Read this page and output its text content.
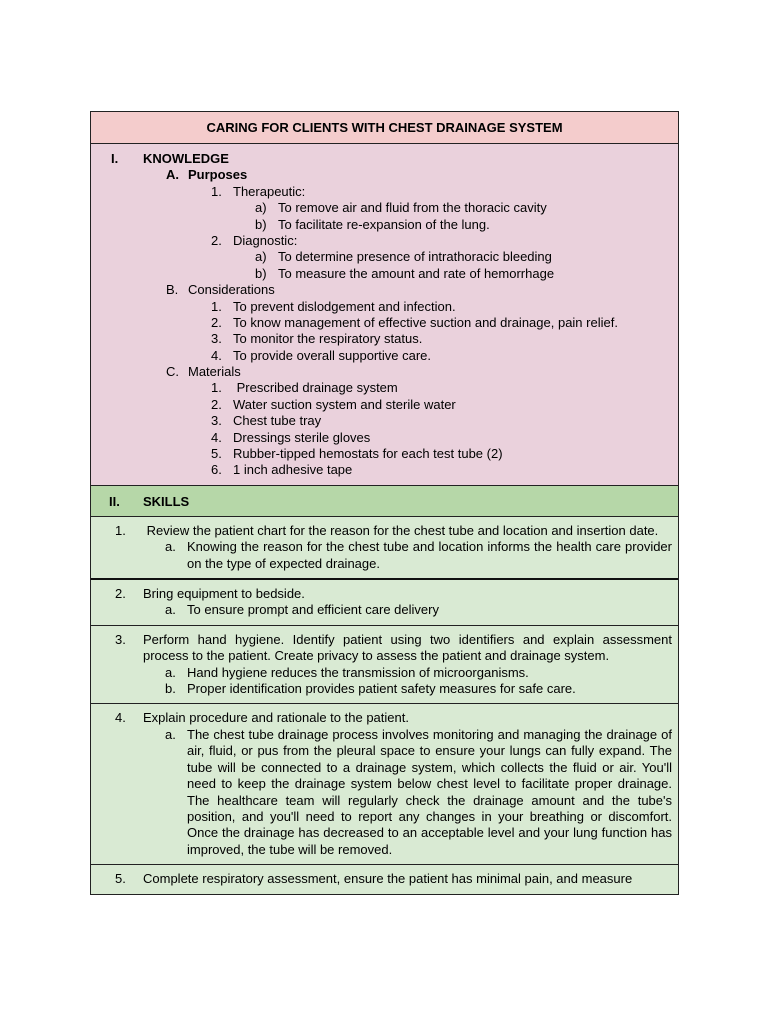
CARING FOR CLIENTS WITH CHEST DRAINAGE SYSTEM
I. KNOWLEDGE
A. Purposes
1. Therapeutic:
a) To remove air and fluid from the thoracic cavity
b) To facilitate re-expansion of the lung.
2. Diagnostic:
a) To determine presence of intrathoracic bleeding
b) To measure the amount and rate of hemorrhage
B. Considerations
1. To prevent dislodgement and infection.
2. To know management of effective suction and drainage, pain relief.
3. To monitor the respiratory status.
4. To provide overall supportive care.
C. Materials
1. Prescribed drainage system
2. Water suction system and sterile water
3. Chest tube tray
4. Dressings sterile gloves
5. Rubber-tipped hemostats for each test tube (2)
6. 1 inch adhesive tape
II. SKILLS
1. Review the patient chart for the reason for the chest tube and location and insertion date.
a. Knowing the reason for the chest tube and location informs the health care provider on the type of expected drainage.
2. Bring equipment to bedside.
a. To ensure prompt and efficient care delivery
3. Perform hand hygiene. Identify patient using two identifiers and explain assessment process to the patient. Create privacy to assess the patient and drainage system.
a. Hand hygiene reduces the transmission of microorganisms.
b. Proper identification provides patient safety measures for safe care.
4. Explain procedure and rationale to the patient.
a. The chest tube drainage process involves monitoring and managing the drainage of air, fluid, or pus from the pleural space to ensure your lungs can fully expand. The tube will be connected to a drainage system, which collects the fluid or air. You'll need to keep the drainage system below chest level to facilitate proper drainage. The healthcare team will regularly check the drainage amount and the tube's position, and you'll need to report any changes in your breathing or discomfort. Once the drainage has decreased to an acceptable level and your lung function has improved, the tube will be removed.
5. Complete respiratory assessment, ensure the patient has minimal pain, and measure
